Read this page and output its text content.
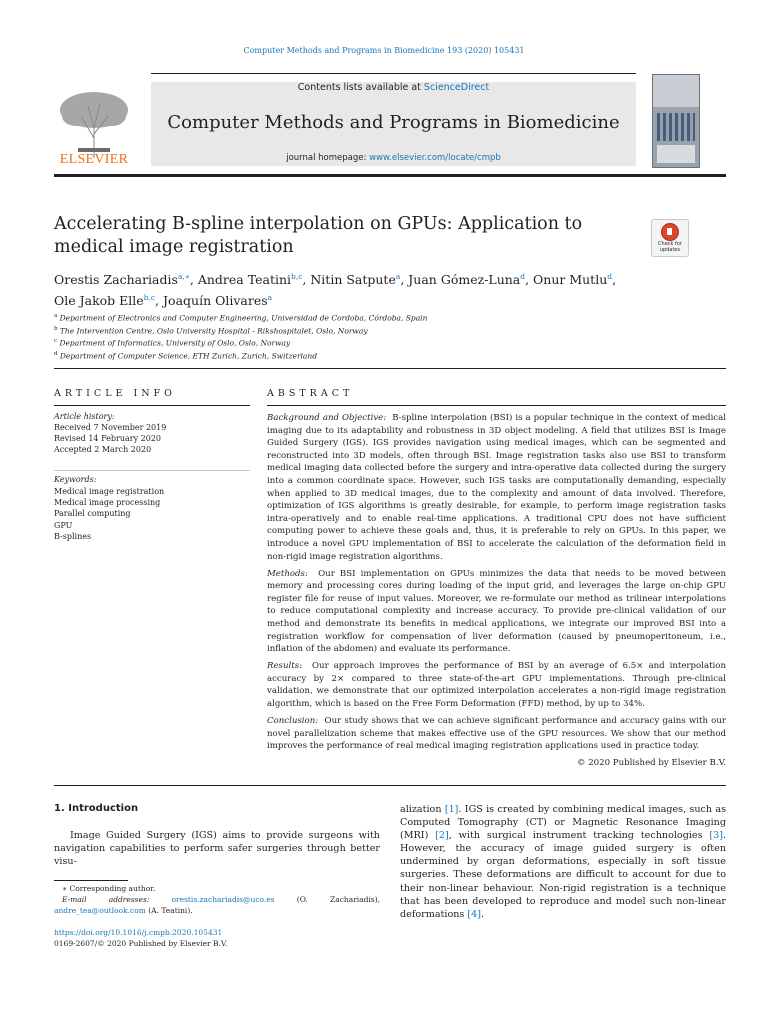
Computer Methods and Programs in Biomedicine 193 (2020) 105431
ELSEVIER
Contents lists available at ScienceDirect
Computer Methods and Programs in Biomedicine
journal homepage: www.elsevier.com/locate/cmpb
Accelerating B-spline interpolation on GPUs: Application to medical image registration	Check for updates
Orestis Zachariadis$^{a,∗}$, Andrea Teatini$^{b,c}$, Nitin Satpute$^a$, Juan Gómez-Luna$^d$, Onur Mutlu$^d$,
Ole Jakob Elle$^{b,c}$, Joaquín Olivares$^a$
$^a$ Department of Electronics and Computer Engineering, Universidad de Cordoba, Córdoba, Spain
$^b$ The Intervention Centre, Oslo University Hospital - Rikshospitalet, Oslo, Norway
$^c$ Department of Informatics, University of Oslo, Oslo, Norway
$^d$ Department of Computer Science, ETH Zurich, Zurich, Switzerland
ARTICLE INFO	ABSTRACT
Article history:
Received 7 November 2019
Revised 14 February 2020
Accepted 2 March 2020
Keywords:
Medical image registration
Medical image processing
Parallel computing
GPU
B-splines

Background and Objective: B-spline interpolation (BSI) is a popular technique in the context of medical imaging due to its adaptability and robustness in 3D object modeling. A field that utilizes BSI is Image Guided Surgery (IGS). IGS provides navigation using medical images, which can be segmented and reconstructed into 3D models, often through BSI. Image registration tasks also use BSI to transform medical imaging data collected before the surgery and intra-operative data collected during the surgery into a common coordinate space. However, such IGS tasks are computationally demanding, especially when applied to 3D medical images, due to the complexity and amount of data involved. Therefore, optimization of IGS algorithms is greatly desirable, for example, to perform image registration tasks intra-operatively and to enable real-time applications. A traditional CPU does not have sufficient computing power to achieve these goals and, thus, it is preferable to rely on GPUs. In this paper, we introduce a novel GPU implementation of BSI to accelerate the calculation of the deformation field in non-rigid image registration algorithms.

Methods: Our BSI implementation on GPUs minimizes the data that needs to be moved between memory and processing cores during loading of the input grid, and leverages the large on-chip GPU register file for reuse of input values. Moreover, we re-formulate our method as trilinear interpolations to reduce computational complexity and increase accuracy. To provide pre-clinical validation of our method and demonstrate its benefits in medical applications, we integrate our improved BSI into a registration workflow for compensation of liver deformation (caused by pneumoperitoneum, i.e., inflation of the abdomen) and evaluate its performance.

Results: Our approach improves the performance of BSI by an average of 6.5× and interpolation accuracy by 2× compared to three state-of-the-art GPU implementations. Through pre-clinical validation, we demonstrate that our optimized interpolation accelerates a non-rigid image registration algorithm, which is based on the Free Form Deformation (FFD) method, by up to 34%.

Conclusion: Our study shows that we can achieve significant performance and accuracy gains with our novel parallelization scheme that makes effective use of the GPU resources. We show that our method improves the performance of real medical imaging registration applications used in practice today.

© 2020 Published by Elsevier B.V.

1. Introduction
Image Guided Surgery (IGS) aims to provide surgeons with navigation capabilities to perform safer surgeries through better visu-
alization [1]. IGS is created by combining medical images, such as Computed Tomography (CT) or Magnetic Resonance Imaging (MRI) [2], with surgical instrument tracking technologies [3]. However, the accuracy of image guided surgery is often undermined by organ deformations, especially in soft tissue surgeries. These deformations are difficult to account for due to their non-linear behaviour. Non-rigid registration is a technique that has been developed to reproduce and model such non-linear deformations [4].
∗ Corresponding author.
E-mail addresses:	orestis.zachariadis@uco.es	(O. Zachariadis),
andre_tea@outlook.com (A. Teatini).
https://doi.org/10.1016/j.cmpb.2020.105431
0169-2607/© 2020 Published by Elsevier B.V.
